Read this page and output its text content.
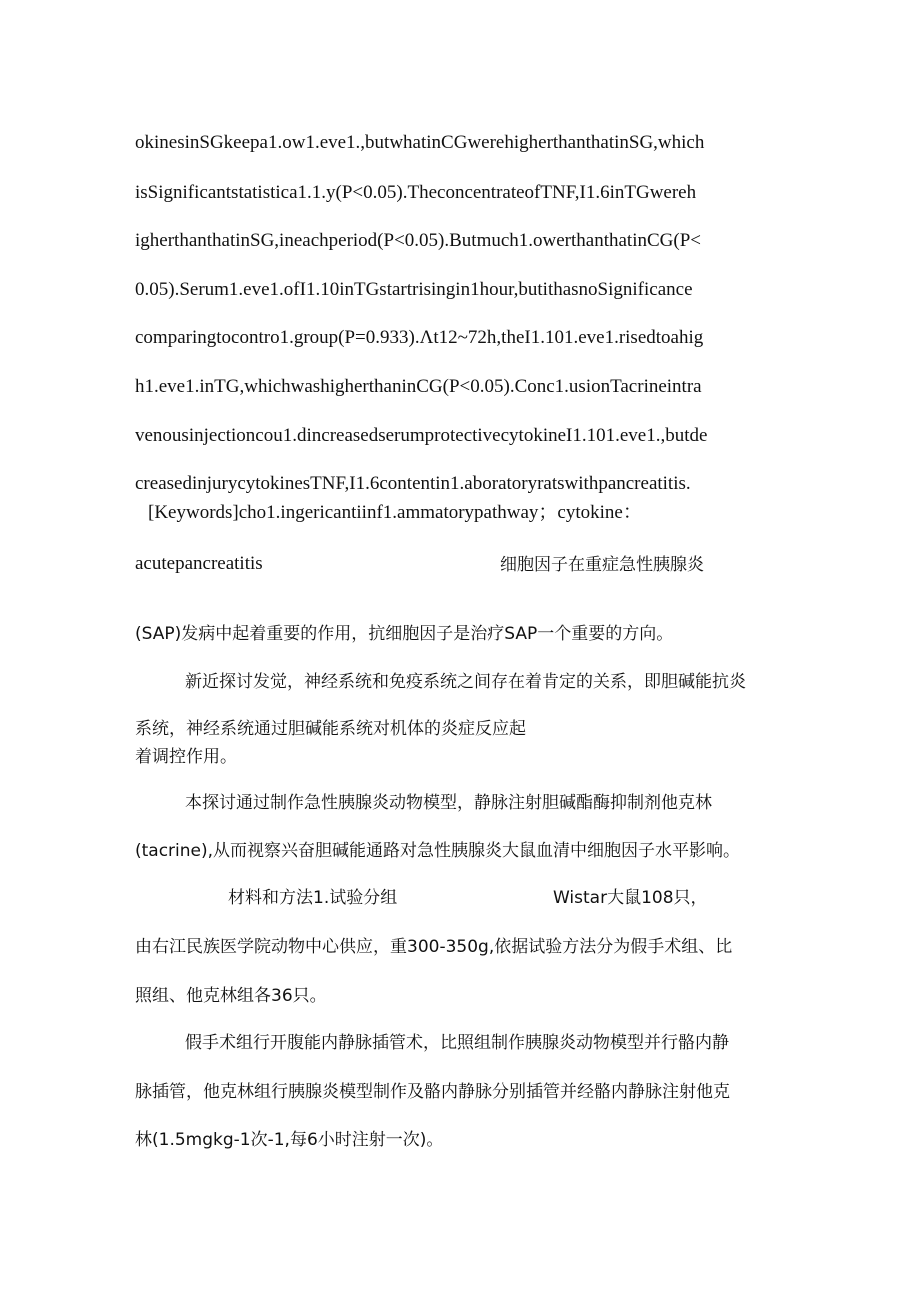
okinesinSGkeepa1.ow1.eve1.,butwhatinCGwerehigherthanthatinSG,which
isSignificantstatistica1.1.y(P<0.05).TheconcentrateofTNF,I1.6inTGwereh
igherthanthatinSG,ineachperiod(P<0.05).Butmuch1.owerthanthatinCG(P<
0.05).Serum1.eve1.ofI1.10inTGstartrisingin1hour,butithasnoSignificance
comparingtocontro1.group(P=0.933).Λt12~72h,theI1.101.eve1.risedtoahig
h1.eve1.inTG,whichwashigherthaninCG(P<0.05).Conc1.usionTacrineintra
venousinjectioncou1.dincreasedserumprotectivecytokineI1.101.eve1.,butde
creasedinjurycytokinesTNF,I1.6contentin1.aboratoryratswithpancreatitis.
[Keywords]cho1.ingericantiinf1.ammatorypathway；cytokine：
acutepancreatitis	细胞因子在重症急性胰腺炎
(SAP)发病中起着重要的作用，抗细胞因子是治疗SAP一个重要的方向。
新近探讨发觉，神经系统和免疫系统之间存在着肯定的关系，即胆碱能抗炎
系统，神经系统通过胆碱能系统对机体的炎症反应起
着调控作用。
本探讨通过制作急性胰腺炎动物模型，静脉注射胆碱酯酶抑制剂他克林
(tacrine),从而视察兴奋胆碱能通路对急性胰腺炎大鼠血清中细胞因子水平影响。
材料和方法1.试验分组	Wistar大鼠108只，
由右江民族医学院动物中心供应，重300-350g,依据试验方法分为假手术组、比
照组、他克林组各36只。
假手术组行开腹能内静脉插管术，比照组制作胰腺炎动物模型并行骼内静
脉插管，他克林组行胰腺炎模型制作及骼内静脉分别插管并经骼内静脉注射他克
林(1.5mgkg-1次-1,每6小时注射一次)。
